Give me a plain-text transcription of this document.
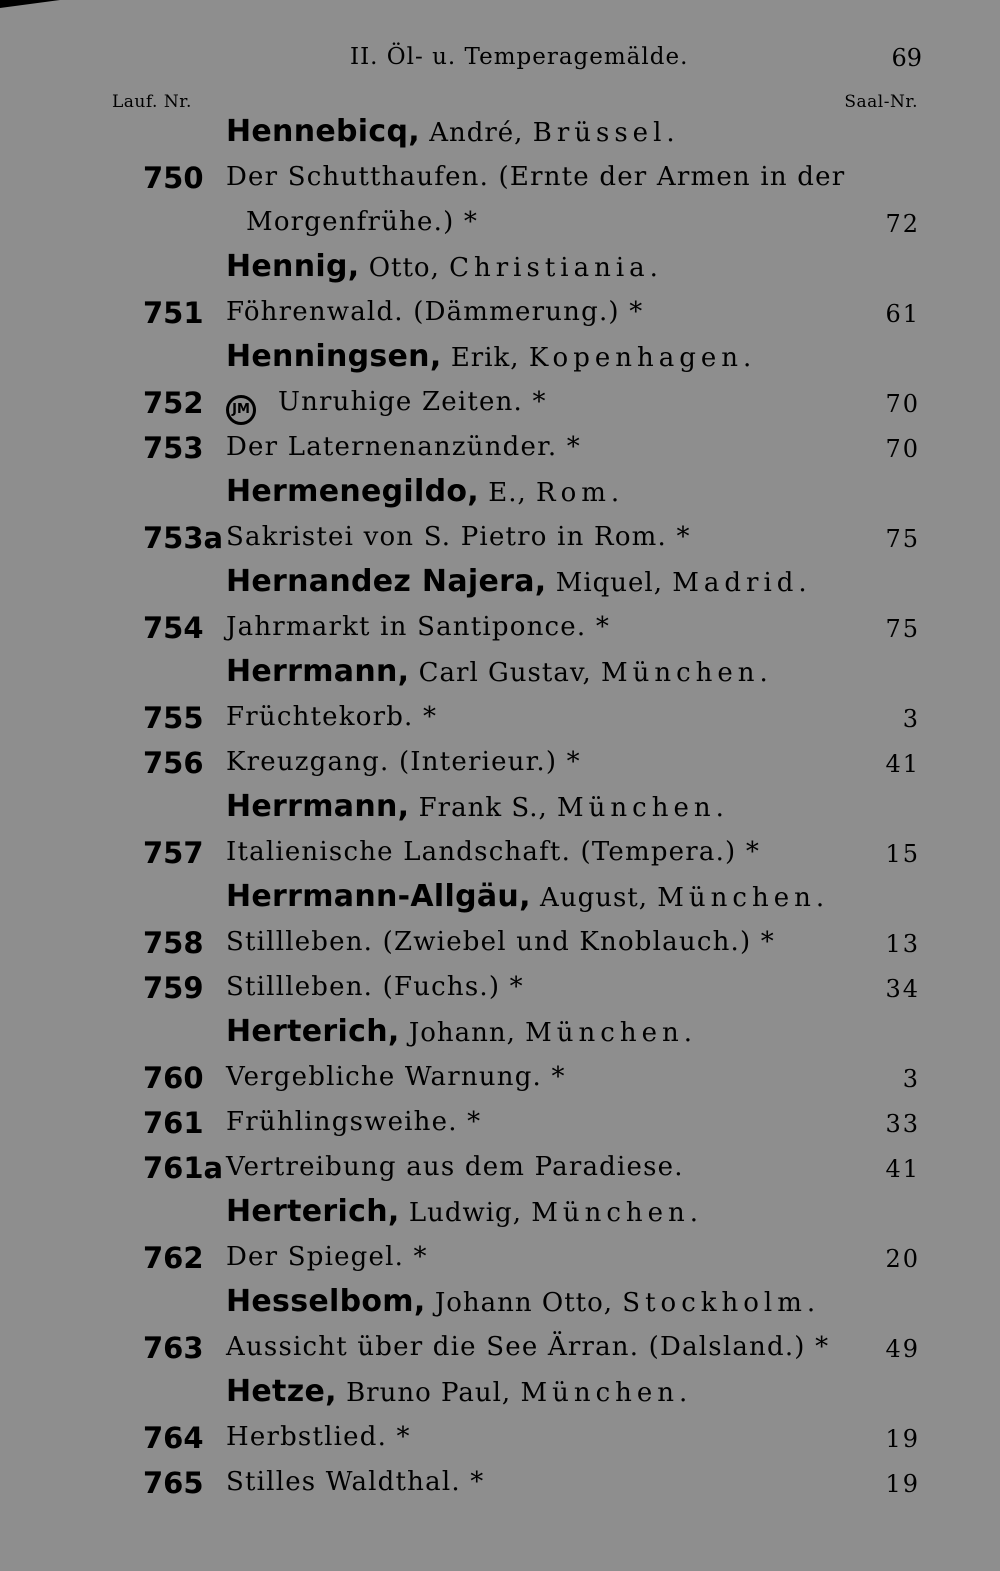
II. Öl- u. Temperagemälde.	69
Lauf. Nr.	Saal-Nr.
Hennebicq, André, Brüssel.
750 Der Schutthaufen. (Ernte der Armen in der
Morgenfrühe.) *	72
Hennig, Otto, Christiania.
751 Föhrenwald. (Dämmerung.) *	61
Henningsen, Erik, Kopenhagen.
752	JM Unruhige Zeiten. *	70
753 Der Laternenanzünder. *	70
Hermenegildo, E., Rom.
753a Sakristei von S. Pietro in Rom. *	75
Hernandez Najera, Miquel, Madrid.
754 Jahrmarkt in Santiponce. *	75
Herrmann, Carl Gustav, München.
755 Früchtekorb. *	3
756 Kreuzgang. (Interieur.) *	41
Herrmann, Frank S., München.
757 Italienische Landschaft. (Tempera.) *	15
Herrmann-Allgäu, August, München.
758 Stillleben. (Zwiebel und Knoblauch.) *	13
759 Stillleben. (Fuchs.) *	34
Herterich, Johann, München.
760 Vergebliche Warnung. *	3
761 Frühlingsweihe. *	33
761a Vertreibung aus dem Paradiese.	41
Herterich, Ludwig, München.
762 Der Spiegel. *	20
Hesselbom, Johann Otto, Stockholm.
763 Aussicht über die See Ärran. (Dalsland.) * 49
Hetze, Bruno Paul, München.
764 Herbstlied. *	19
765 Stilles Waldthal. *	19
